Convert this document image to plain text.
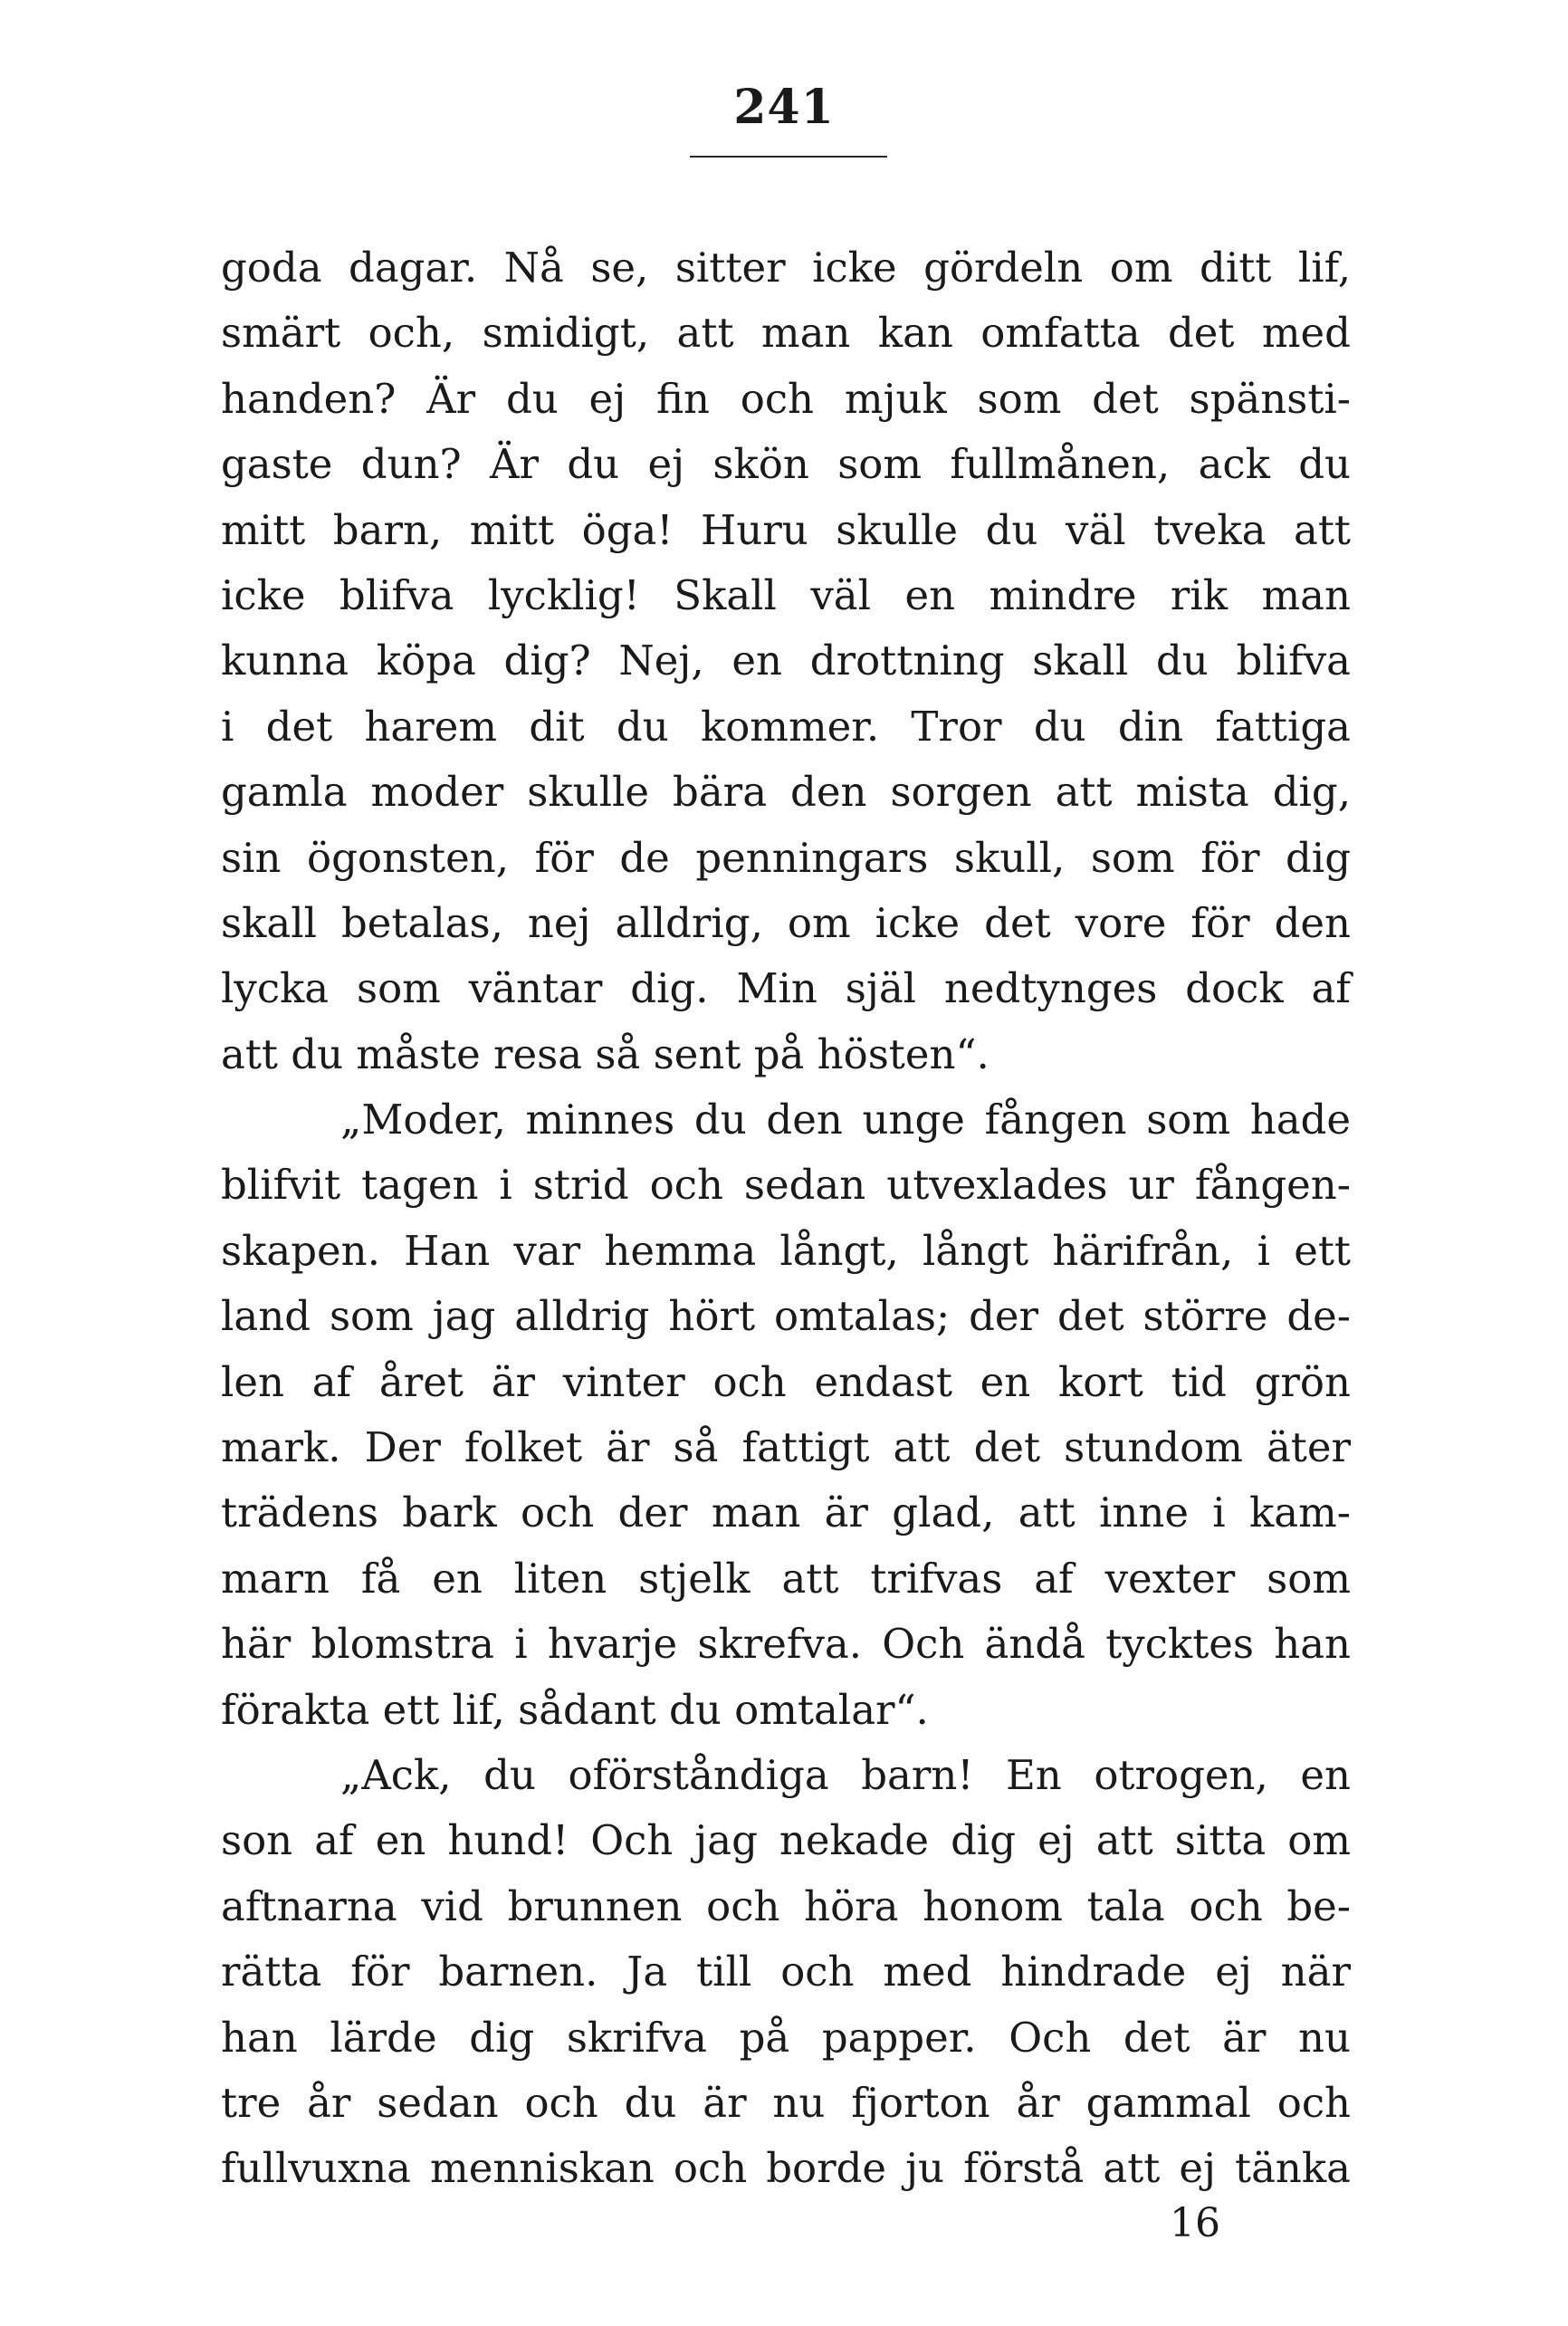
241
goda dagar. Nå se, sitter icke gördeln om ditt lif,
smärt och, smidigt, att man kan omfatta det med
handen? Är du ej fin och mjuk som det spänsti-
gaste dun? Är du ej skön som fullmånen, ack du
mitt barn, mitt öga! Huru skulle du väl tveka att
icke blifva lycklig! Skall väl en mindre rik man
kunna köpa dig? Nej, en drottning skall du blifva
i det harem dit du kommer. Tror du din fattiga
gamla moder skulle bära den sorgen att mista dig,
sin ögonsten, för de penningars skull, som för dig
skall betalas, nej alldrig, om icke det vore för den
lycka som väntar dig. Min själ nedtynges dock af
att du måste resa så sent på hösten“.
„Moder, minnes du den unge fången som hade
blifvit tagen i strid och sedan utvexlades ur fången-
skapen. Han var hemma långt, långt härifrån, i ett
land som jag alldrig hört omtalas; der det större de-
len af året är vinter och endast en kort tid grön
mark. Der folket är så fattigt att det stundom äter
trädens bark och der man är glad, att inne i kam-
marn få en liten stjelk att trifvas af vexter som
här blomstra i hvarje skrefva. Och ändå tycktes han
förakta ett lif, sådant du omtalar“.
„Ack, du oförståndiga barn! En otrogen, en
son af en hund! Och jag nekade dig ej att sitta om
aftnarna vid brunnen och höra honom tala och be-
rätta för barnen. Ja till och med hindrade ej när
han lärde dig skrifva på papper. Och det är nu
tre år sedan och du är nu fjorton år gammal och
fullvuxna menniskan och borde ju förstå att ej tänka
16
